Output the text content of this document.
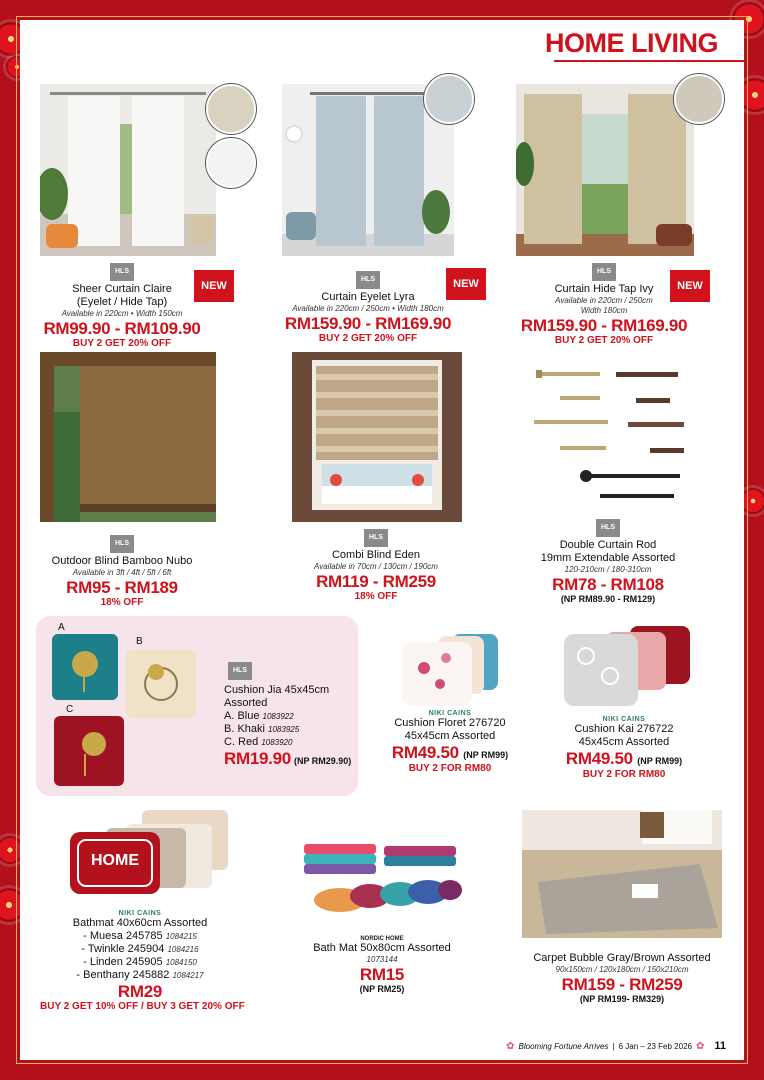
HOME LIVING
NEW	NEW	NEW
HLS
Sheer Curtain Claire
(Eyelet / Hide Tap)
Available in 220cm • Width 150cm
RM99.90 - RM109.90
BUY 2 GET 20% OFF
HLS
Curtain Eyelet Lyra
Available in 220cm / 250cm • Width 180cm
RM159.90 - RM169.90
BUY 2 GET 20% OFF
HLS
Curtain Hide Tap Ivy
Available in 220cm / 250cm
Width 180cm
RM159.90 - RM169.90
BUY 2 GET 20% OFF
HLS
Outdoor Blind Bamboo Nubo
Available in 3ft / 4ft / 5ft / 6ft
RM95 - RM189
18% OFF
HLS
Combi Blind Eden
Available in 70cm / 130cm / 190cm
RM119 - RM259
18% OFF
HLS
Double Curtain Rod
19mm Extendable Assorted
120-210cm / 180-310cm
RM78 - RM108
(NP RM89.90 - RM129)
A
B
C
HLS
Cushion Jia 45x45cm Assorted
A. Blue 1083922
B. Khaki 1083925
C. Red 1083920
RM19.90 (NP RM29.90)
NIKI CAINS
Cushion Floret 276720
45x45cm Assorted
RM49.50 (NP RM99)
BUY 2 FOR RM80
NIKI CAINS
Cushion Kai 276722
45x45cm Assorted
RM49.50 (NP RM99)
BUY 2 FOR RM80
HOME
NIKI CAINS
Bathmat 40x60cm Assorted
- Muesa 245785 1084215
- Twinkle 245904 1084216
- Linden 245905 1084150
- Benthany 245882 1084217
RM29
BUY 2 GET 10% OFF / BUY 3 GET 20% OFF
NORDIC HOME
Bath Mat 50x80cm Assorted
1073144
RM15
(NP RM25)
Carpet Bubble Gray/Brown Assorted
90x150cm / 120x180cm / 150x210cm
RM159 - RM259
(NP RM199- RM329)
✿ Blooming Fortune Arrives | 6 Jan – 23 Feb 2026 ✿ 11
